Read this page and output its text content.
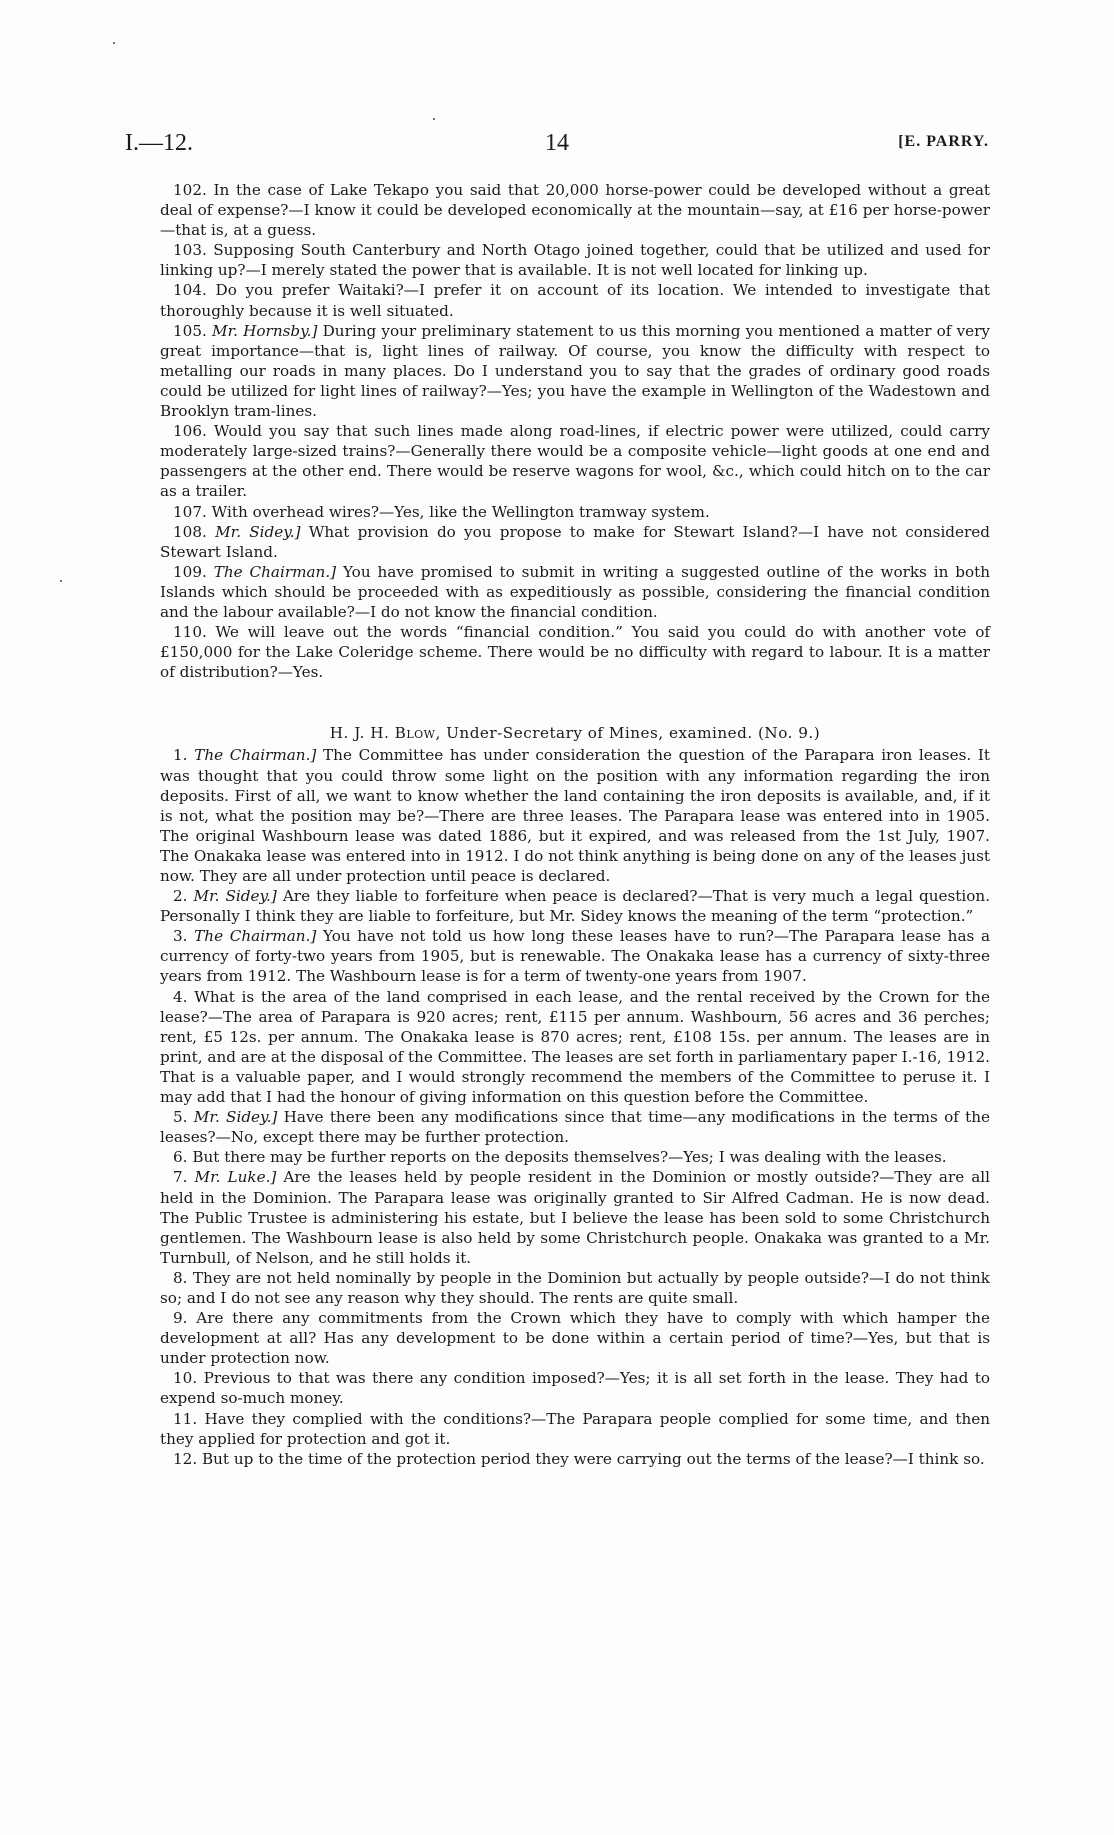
I.—12.	14	[E. PARRY.

102. In the case of Lake Tekapo you said that 20,000 horse-power could be developed without a great deal of expense?—I know it could be developed economically at the mountain—say, at £16 per horse-power—that is, at a guess.

103. Supposing South Canterbury and North Otago joined together, could that be utilized and used for linking up?—I merely stated the power that is available. It is not well located for linking up.

104. Do you prefer Waitaki?—I prefer it on account of its location. We intended to investigate that thoroughly because it is well situated.

105. Mr. Hornsby.] During your preliminary statement to us this morning you mentioned a matter of very great importance—that is, light lines of railway. Of course, you know the difficulty with respect to metalling our roads in many places. Do I understand you to say that the grades of ordinary good roads could be utilized for light lines of railway?—Yes; you have the example in Wellington of the Wadestown and Brooklyn tram-lines.

106. Would you say that such lines made along road-lines, if electric power were utilized, could carry moderately large-sized trains?—Generally there would be a composite vehicle—light goods at one end and passengers at the other end. There would be reserve wagons for wool, &c., which could hitch on to the car as a trailer.

107. With overhead wires?—Yes, like the Wellington tramway system.

108. Mr. Sidey.] What provision do you propose to make for Stewart Island?—I have not considered Stewart Island.

109. The Chairman.] You have promised to submit in writing a suggested outline of the works in both Islands which should be proceeded with as expeditiously as possible, considering the financial condition and the labour available?—I do not know the financial condition.

110. We will leave out the words “financial condition.” You said you could do with another vote of £150,000 for the Lake Coleridge scheme. There would be no difficulty with regard to labour. It is a matter of distribution?—Yes.

H. J. H. Blow, Under-Secretary of Mines, examined. (No. 9.)

1. The Chairman.] The Committee has under consideration the question of the Parapara iron leases. It was thought that you could throw some light on the position with any information regarding the iron deposits. First of all, we want to know whether the land containing the iron deposits is available, and, if it is not, what the position may be?—There are three leases. The Parapara lease was entered into in 1905. The original Washbourn lease was dated 1886, but it expired, and was released from the 1st July, 1907. The Onakaka lease was entered into in 1912. I do not think anything is being done on any of the leases just now. They are all under protection until peace is declared.

2. Mr. Sidey.] Are they liable to forfeiture when peace is declared?—That is very much a legal question. Personally I think they are liable to forfeiture, but Mr. Sidey knows the meaning of the term “protection.”

3. The Chairman.] You have not told us how long these leases have to run?—The Parapara lease has a currency of forty-two years from 1905, but is renewable. The Onakaka lease has a currency of sixty-three years from 1912. The Washbourn lease is for a term of twenty-one years from 1907.

4. What is the area of the land comprised in each lease, and the rental received by the Crown for the lease?—The area of Parapara is 920 acres; rent, £115 per annum. Washbourn, 56 acres and 36 perches; rent, £5 12s. per annum. The Onakaka lease is 870 acres; rent, £108 15s. per annum. The leases are in print, and are at the disposal of the Committee. The leases are set forth in parliamentary paper I.-16, 1912. That is a valuable paper, and I would strongly recommend the members of the Committee to peruse it. I may add that I had the honour of giving information on this question before the Committee.

5. Mr. Sidey.] Have there been any modifications since that time—any modifications in the terms of the leases?—No, except there may be further protection.

6. But there may be further reports on the deposits themselves?—Yes; I was dealing with the leases.

7. Mr. Luke.] Are the leases held by people resident in the Dominion or mostly outside?—They are all held in the Dominion. The Parapara lease was originally granted to Sir Alfred Cadman. He is now dead. The Public Trustee is administering his estate, but I believe the lease has been sold to some Christchurch gentlemen. The Washbourn lease is also held by some Christchurch people. Onakaka was granted to a Mr. Turnbull, of Nelson, and he still holds it.

8. They are not held nominally by people in the Dominion but actually by people outside?—I do not think so; and I do not see any reason why they should. The rents are quite small.

9. Are there any commitments from the Crown which they have to comply with which hamper the development at all? Has any development to be done within a certain period of time?—Yes, but that is under protection now.

10. Previous to that was there any condition imposed?—Yes; it is all set forth in the lease. They had to expend so-much money.

11. Have they complied with the conditions?—The Parapara people complied for some time, and then they applied for protection and got it.

12. But up to the time of the protection period they were carrying out the terms of the lease?—I think so.
